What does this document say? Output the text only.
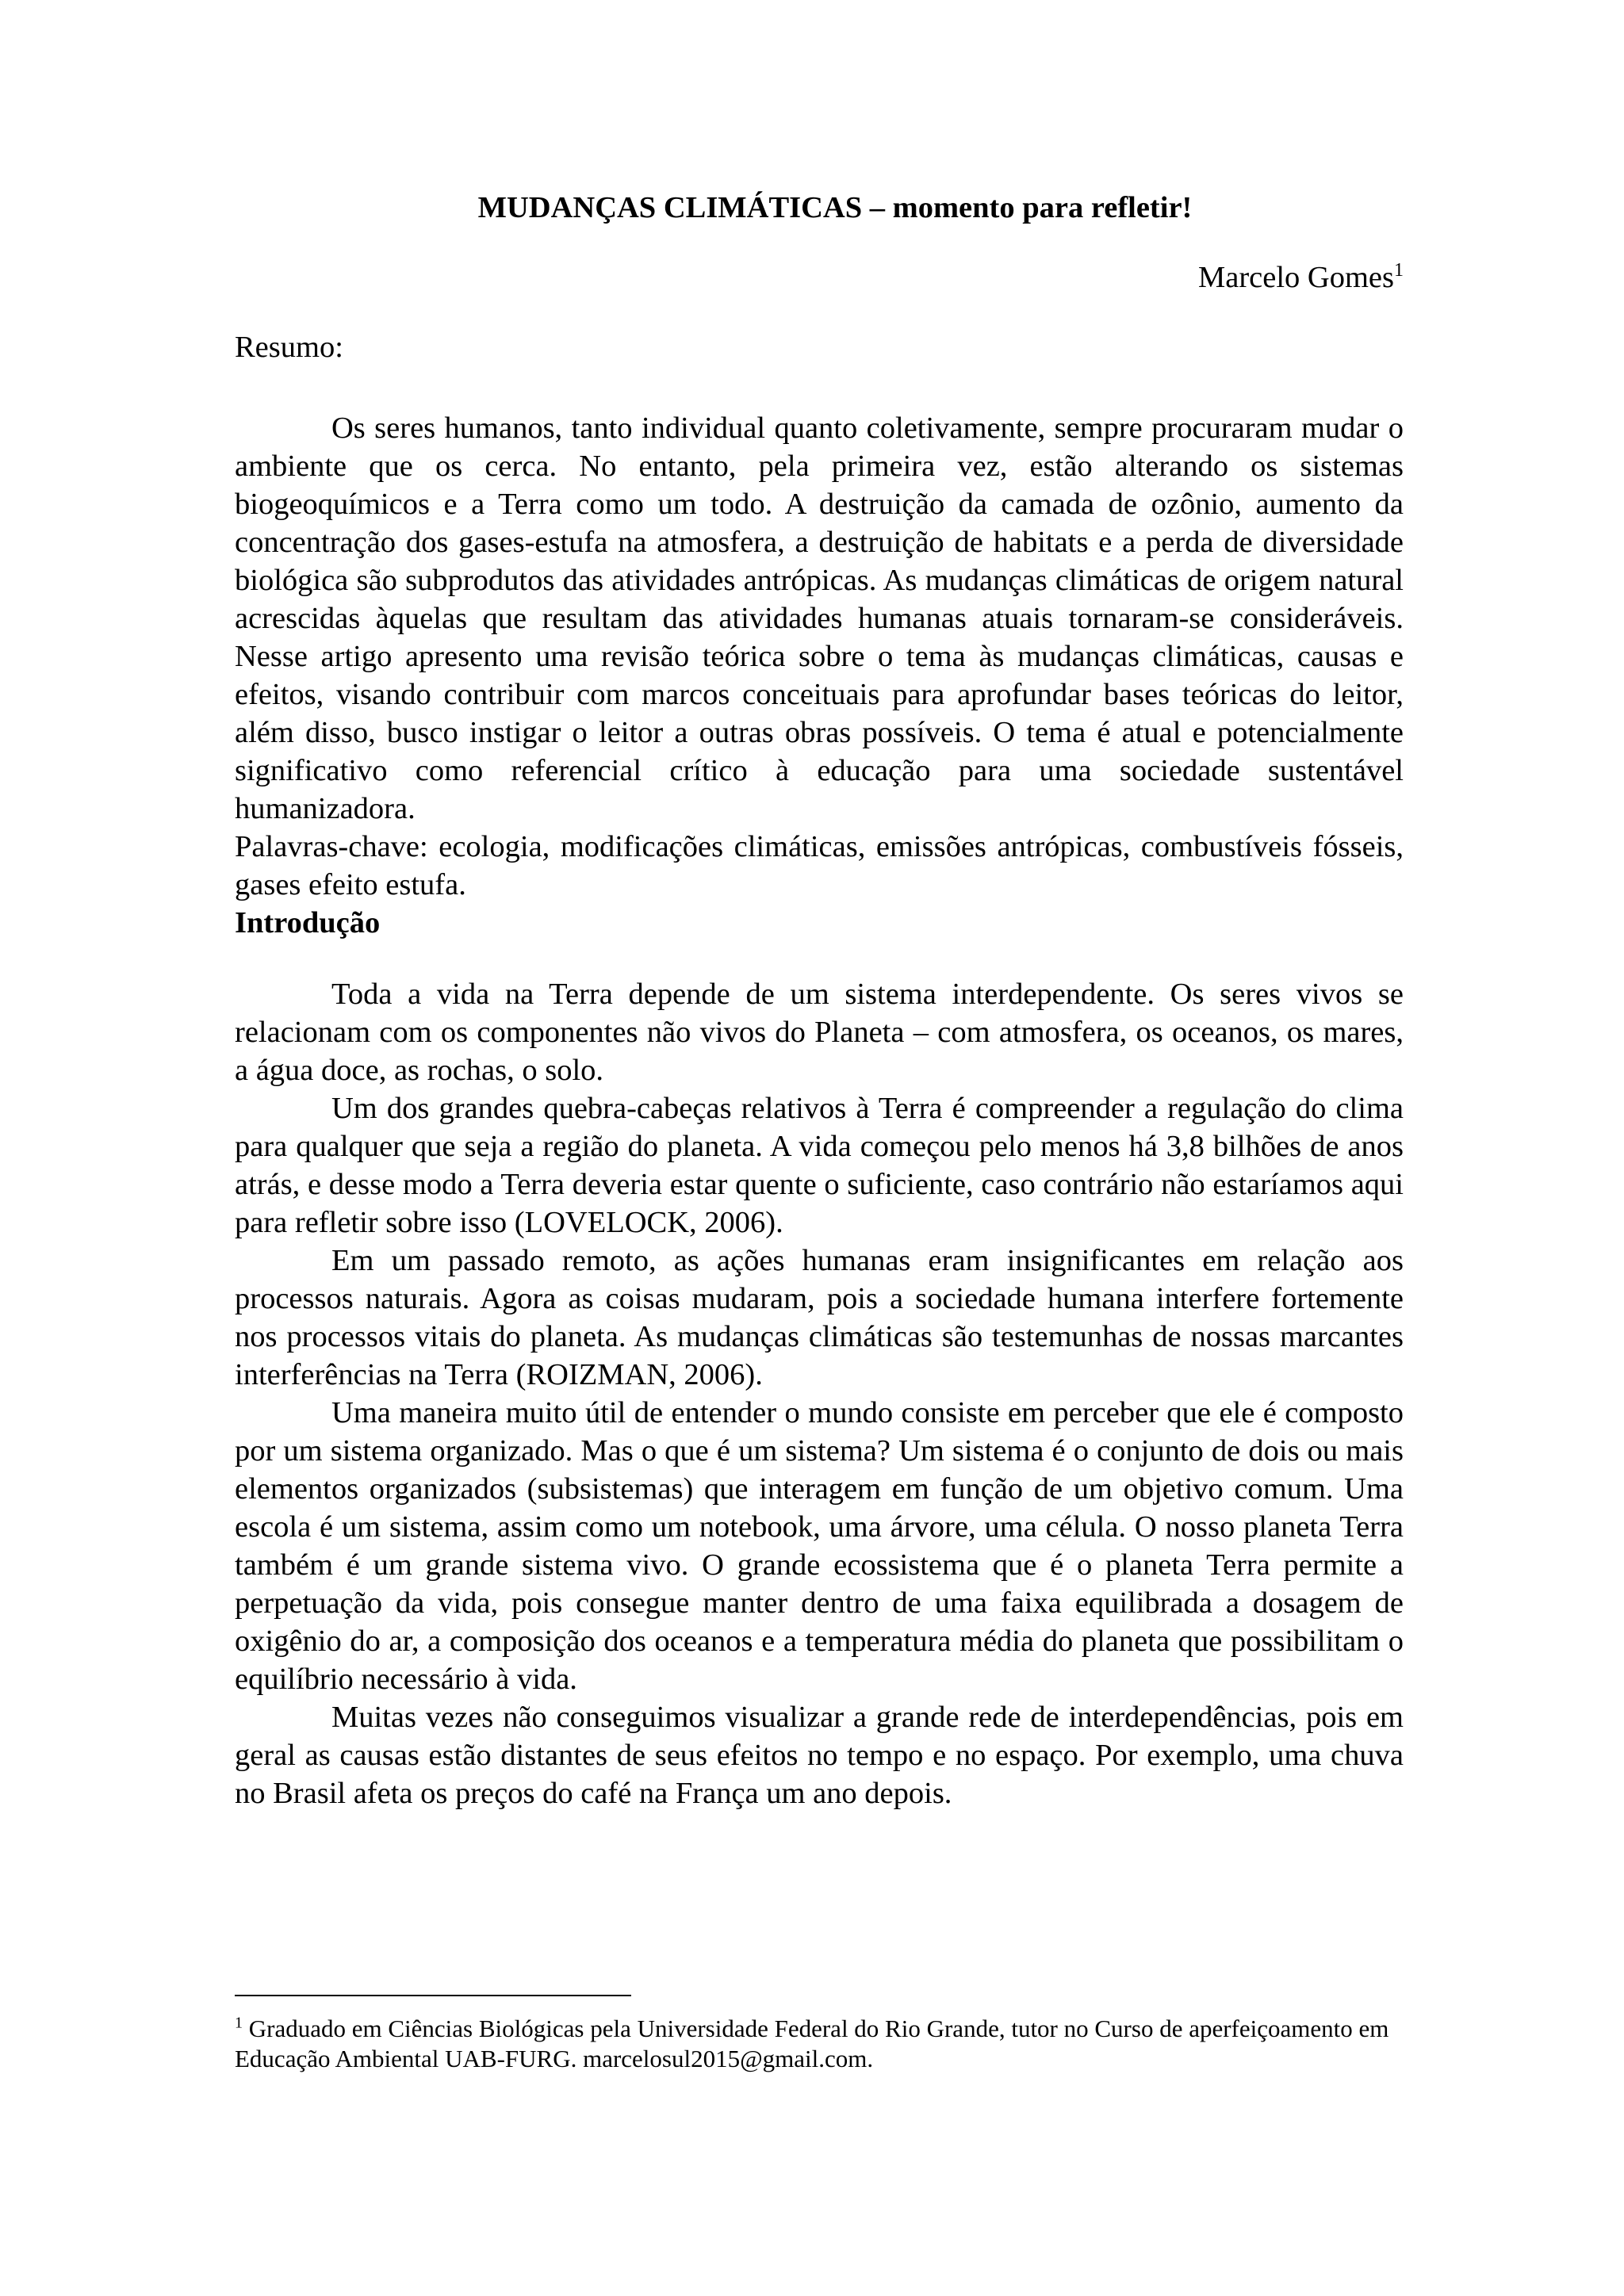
MUDANÇAS CLIMÁTICAS – momento para refletir!
Marcelo Gomes$^1$
Resumo:

Os seres humanos, tanto individual quanto coletivamente, sempre procuraram mudar o ambiente que os cerca. No entanto, pela primeira vez, estão alterando os sistemas biogeoquímicos e a Terra como um todo. A destruição da camada de ozônio, aumento da concentração dos gases-estufa na atmosfera, a destruição de habitats e a perda de diversidade biológica são subprodutos das atividades antrópicas. As mudanças climáticas de origem natural acrescidas àquelas que resultam das atividades humanas atuais tornaram-se consideráveis. Nesse artigo apresento uma revisão teórica sobre o tema às mudanças climáticas, causas e efeitos, visando contribuir com marcos conceituais para aprofundar bases teóricas do leitor, além disso, busco instigar o leitor a outras obras possíveis. O tema é atual e potencialmente significativo como referencial crítico à educação para uma sociedade sustentável humanizadora.

Palavras-chave: ecologia, modificações climáticas, emissões antrópicas, combustíveis fósseis, gases efeito estufa.

Introdução

Toda a vida na Terra depende de um sistema interdependente. Os seres vivos se relacionam com os componentes não vivos do Planeta – com atmosfera, os oceanos, os mares, a água doce, as rochas, o solo.

Um dos grandes quebra-cabeças relativos à Terra é compreender a regulação do clima para qualquer que seja a região do planeta. A vida começou pelo menos há 3,8 bilhões de anos atrás, e desse modo a Terra deveria estar quente o suficiente, caso contrário não estaríamos aqui para refletir sobre isso (LOVELOCK, 2006).

Em um passado remoto, as ações humanas eram insignificantes em relação aos processos naturais. Agora as coisas mudaram, pois a sociedade humana interfere fortemente nos processos vitais do planeta. As mudanças climáticas são testemunhas de nossas marcantes interferências na Terra (ROIZMAN, 2006).

Uma maneira muito útil de entender o mundo consiste em perceber que ele é composto por um sistema organizado. Mas o que é um sistema? Um sistema é o conjunto de dois ou mais elementos organizados (subsistemas) que interagem em função de um objetivo comum. Uma escola é um sistema, assim como um notebook, uma árvore, uma célula. O nosso planeta Terra também é um grande sistema vivo. O grande ecossistema que é o planeta Terra permite a perpetuação da vida, pois consegue manter dentro de uma faixa equilibrada a dosagem de oxigênio do ar, a composição dos oceanos e a temperatura média do planeta que possibilitam o equilíbrio necessário à vida.

Muitas vezes não conseguimos visualizar a grande rede de interdependências, pois em geral as causas estão distantes de seus efeitos no tempo e no espaço. Por exemplo, uma chuva no Brasil afeta os preços do café na França um ano depois.

$^1$ Graduado em Ciências Biológicas pela Universidade Federal do Rio Grande, tutor no Curso de aperfeiçoamento em Educação Ambiental UAB-FURG. marcelosul2015@gmail.com.
